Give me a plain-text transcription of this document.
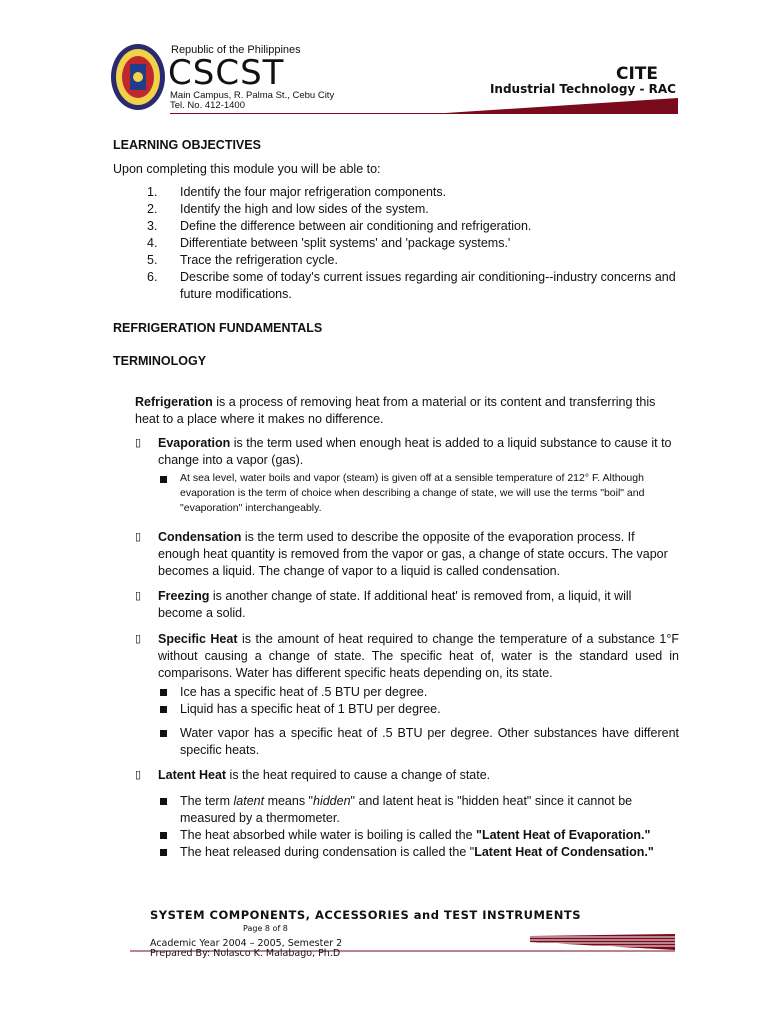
Republic of the Philippines
CSCST
Main Campus, R. Palma St., Cebu City
Tel. No. 412-1400
CITE
Industrial Technology - RAC
LEARNING OBJECTIVES
Upon completing this module you will be able to:
1. Identify the four major refrigeration components.
2. Identify the high and low sides of the system.
3. Define the difference between air conditioning and refrigeration.
4. Differentiate between 'split systems' and 'package systems.'
5. Trace the refrigeration cycle.
6. Describe some of today's current issues regarding air conditioning--industry concerns and future modifications.
REFRIGERATION FUNDAMENTALS
TERMINOLOGY
Refrigeration is a process of removing heat from a material or its content and transferring this heat to a place where it makes no difference.
▯ Evaporation is the term used when enough heat is added to a liquid substance to cause it to change into a vapor (gas).
At sea level, water boils and vapor (steam) is given off at a sensible temperature of 212° F. Although evaporation is the term of choice when describing a change of state, we will use the terms "boil" and "evaporation" interchangeably.
▯ Condensation is the term used to describe the opposite of the evaporation process. If enough heat quantity is removed from the vapor or gas, a change of state occurs. The vapor becomes a liquid. The change of vapor to a liquid is called condensation.
▯ Freezing is another change of state. If additional heat' is removed from, a liquid, it will become a solid.
▯ Specific Heat is the amount of heat required to change the temperature of a substance 1°F without causing a change of state. The specific heat of, water is the standard used in comparisons. Water has different specific heats depending on, its state.
Ice has a specific heat of .5 BTU per degree.
Liquid has a specific heat of 1 BTU per degree.
Water vapor has a specific heat of .5 BTU per degree. Other substances have different specific heats.
▯ Latent Heat is the heat required to cause a change of state.
The term latent means "hidden" and latent heat is "hidden heat" since it cannot be measured by a thermometer.
The heat absorbed while water is boiling is called the "Latent Heat of Evaporation."
The heat released during condensation is called the "Latent Heat of Condensation."
SYSTEM COMPONENTS, ACCESSORIES and TEST INSTRUMENTS
Page 8 of 8
Academic Year 2004 – 2005, Semester 2
Prepared By: Nolasco K. Malabago, Ph.D
